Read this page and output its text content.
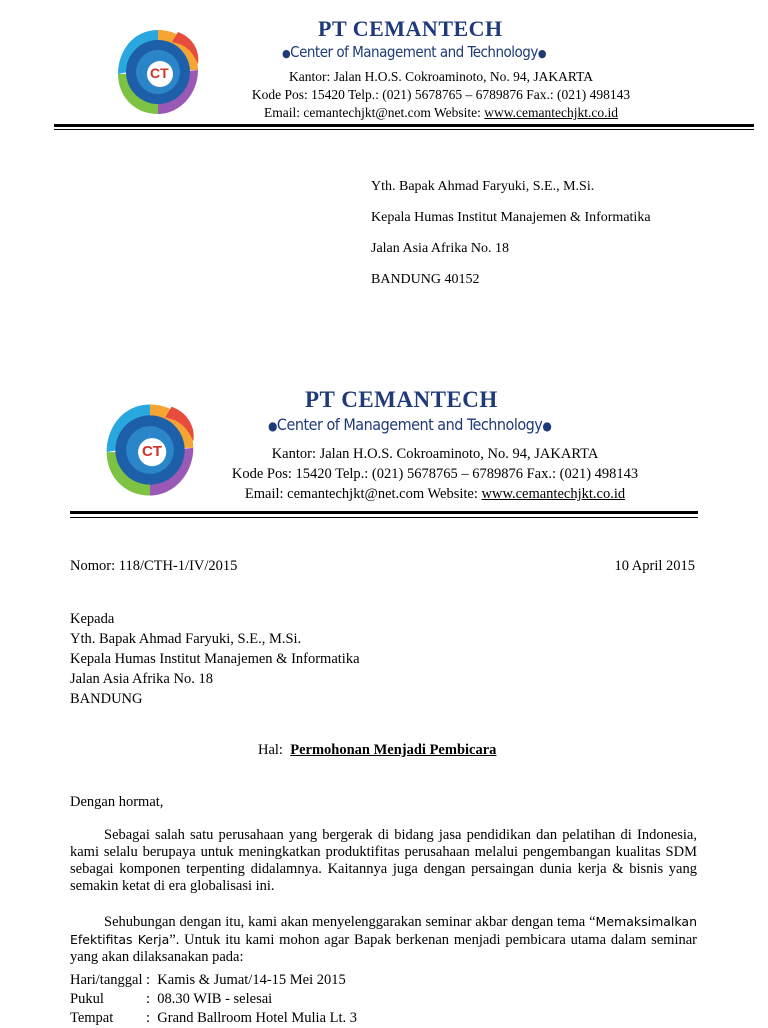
CT
PT CEMANTECH
●Center of Management and Technology●
Kantor: Jalan H.O.S. Cokroaminoto, No. 94, JAKARTA
Kode Pos: 15420 Telp.: (021) 5678765 – 6789876 Fax.: (021) 498143
Email: cemantechjkt@net.com Website: www.cemantechjkt.co.id
Yth. Bapak Ahmad Faryuki, S.E., M.Si.
Kepala Humas Institut Manajemen & Informatika
Jalan Asia Afrika No. 18
BANDUNG 40152
CT
PT CEMANTECH
●Center of Management and Technology●
Kantor: Jalan H.O.S. Cokroaminoto, No. 94, JAKARTA
Kode Pos: 15420 Telp.: (021) 5678765 – 6789876 Fax.: (021) 498143
Email: cemantechjkt@net.com Website: www.cemantechjkt.co.id
Nomor: 118/CTH-1/IV/2015	10 April 2015
Kepada
Yth. Bapak Ahmad Faryuki, S.E., M.Si.
Kepala Humas Institut Manajemen & Informatika
Jalan Asia Afrika No. 18
BANDUNG
Hal: Permohonan Menjadi Pembicara
Dengan hormat,
Sebagai salah satu perusahaan yang bergerak di bidang jasa pendidikan dan pelatihan di Indonesia, kami selalu berupaya untuk meningkatkan produktifitas perusahaan melalui pengembangan kualitas SDM sebagai komponen terpenting didalamnya. Kaitannya juga dengan persaingan dunia kerja & bisnis yang semakin ketat di era globalisasi ini.
Sehubungan dengan itu, kami akan menyelenggarakan seminar akbar dengan tema “Memaksimalkan Efektifitas Kerja”. Untuk itu kami mohon agar Bapak berkenan menjadi pembicara utama dalam seminar yang akan dilaksanakan pada:
Hari/tanggal : Kamis & Jumat/14-15 Mei 2015
Pukul	: 08.30 WIB - selesai
Tempat : Grand Ballroom Hotel Mulia Lt. 3
